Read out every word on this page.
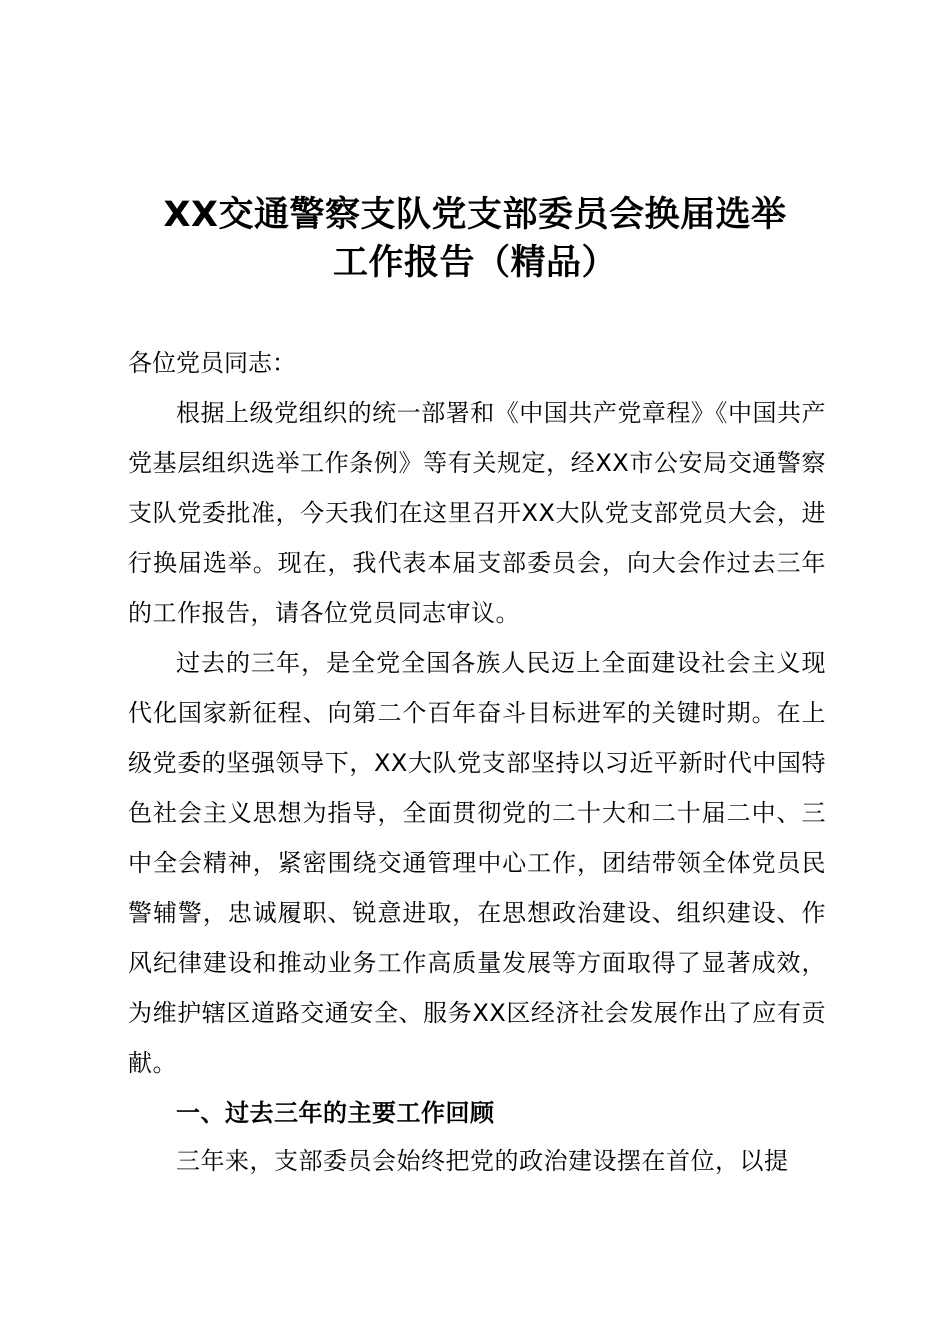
XX交通警察支队党支部委员会换届选举
工作报告（精品）
各位党员同志：
根据上级党组织的统一部署和《中国共产党章程》《中国共产党基层组织选举工作条例》等有关规定，经XX市公安局交通警察支队党委批准，今天我们在这里召开XX大队党支部党员大会，进行换届选举。现在，我代表本届支部委员会，向大会作过去三年的工作报告，请各位党员同志审议。
过去的三年，是全党全国各族人民迈上全面建设社会主义现代化国家新征程、向第二个百年奋斗目标进军的关键时期。在上级党委的坚强领导下，XX大队党支部坚持以习近平新时代中国特色社会主义思想为指导，全面贯彻党的二十大和二十届二中、三中全会精神，紧密围绕交通管理中心工作，团结带领全体党员民警辅警，忠诚履职、锐意进取，在思想政治建设、组织建设、作风纪律建设和推动业务工作高质量发展等方面取得了显著成效，为维护辖区道路交通安全、服务XX区经济社会发展作出了应有贡献。
一、过去三年的主要工作回顾
三年来，支部委员会始终把党的政治建设摆在首位，以提
